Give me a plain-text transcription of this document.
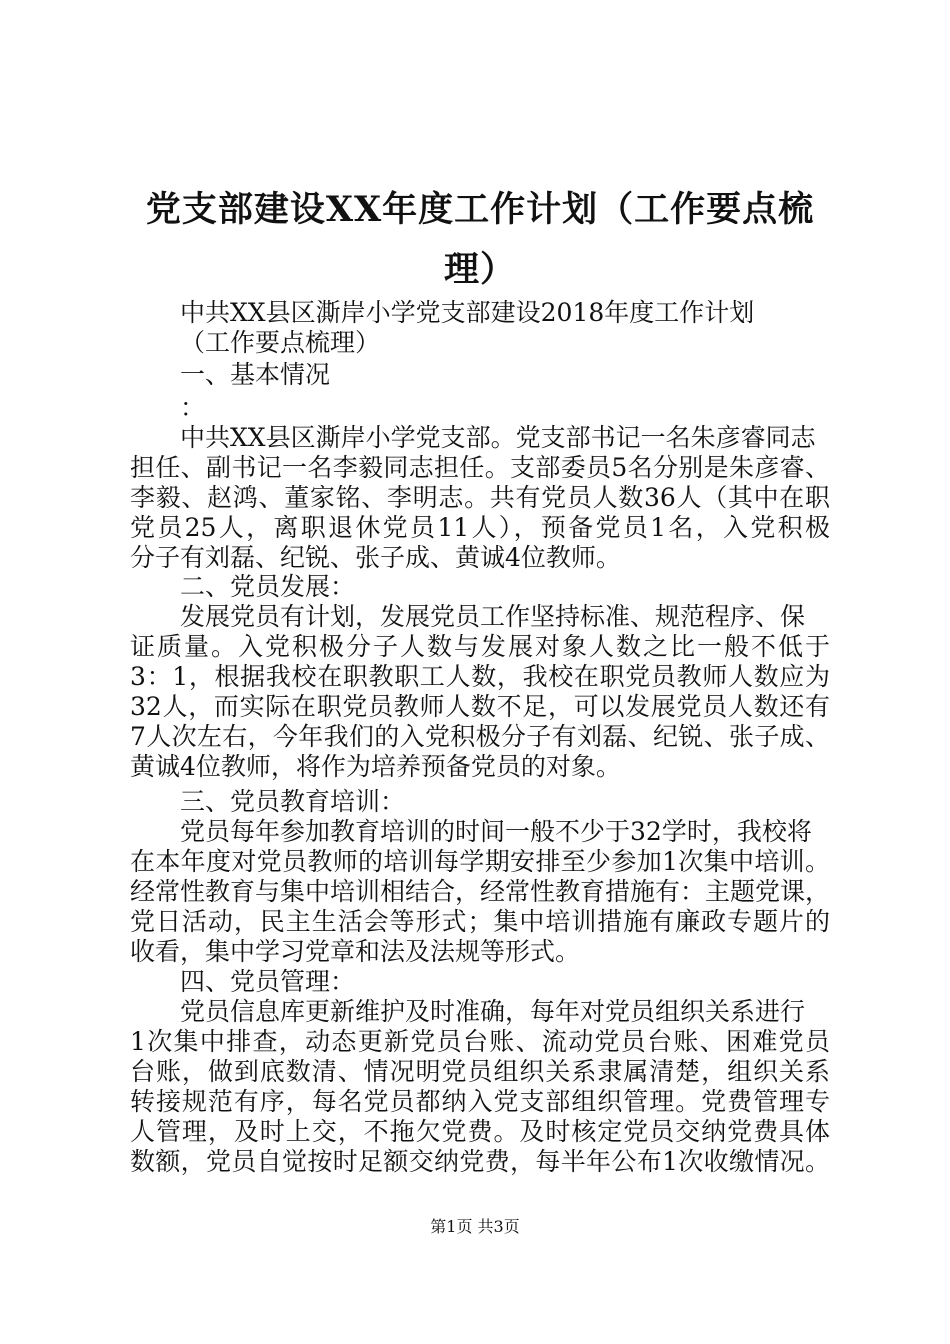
党支部建设XX年度工作计划（工作要点梳
理）
中共XX县区澌岸小学党支部建设2018年度工作计划
（工作要点梳理）
一、基本情况
：
中共XX县区澌岸小学党支部。党支部书记一名朱彦睿同志
担任、副书记一名李毅同志担任。支部委员5名分别是朱彦睿、
李毅、赵鸿、董家铭、李明志。共有党员人数36人（其中在职
党员25人，离职退休党员11人），预备党员1名，入党积极
分子有刘磊、纪锐、张子成、黄诚4位教师。
二、党员发展：
发展党员有计划，发展党员工作坚持标准、规范程序、保
证质量。入党积极分子人数与发展对象人数之比一般不低于
3：1，根据我校在职教职工人数，我校在职党员教师人数应为
32人，而实际在职党员教师人数不足，可以发展党员人数还有
7人次左右，今年我们的入党积极分子有刘磊、纪锐、张子成、
黄诚4位教师，将作为培养预备党员的对象。
三、党员教育培训：
党员每年参加教育培训的时间一般不少于32学时，我校将
在本年度对党员教师的培训每学期安排至少参加1次集中培训。
经常性教育与集中培训相结合，经常性教育措施有：主题党课，
党日活动，民主生活会等形式；集中培训措施有廉政专题片的
收看，集中学习党章和法及法规等形式。
四、党员管理：
党员信息库更新维护及时准确，每年对党员组织关系进行
1次集中排查，动态更新党员台账、流动党员台账、困难党员
台账，做到底数清、情况明党员组织关系隶属清楚，组织关系
转接规范有序，每名党员都纳入党支部组织管理。党费管理专
人管理，及时上交，不拖欠党费。及时核定党员交纳党费具体
数额，党员自觉按时足额交纳党费，每半年公布1次收缴情况。
第1页 共3页
